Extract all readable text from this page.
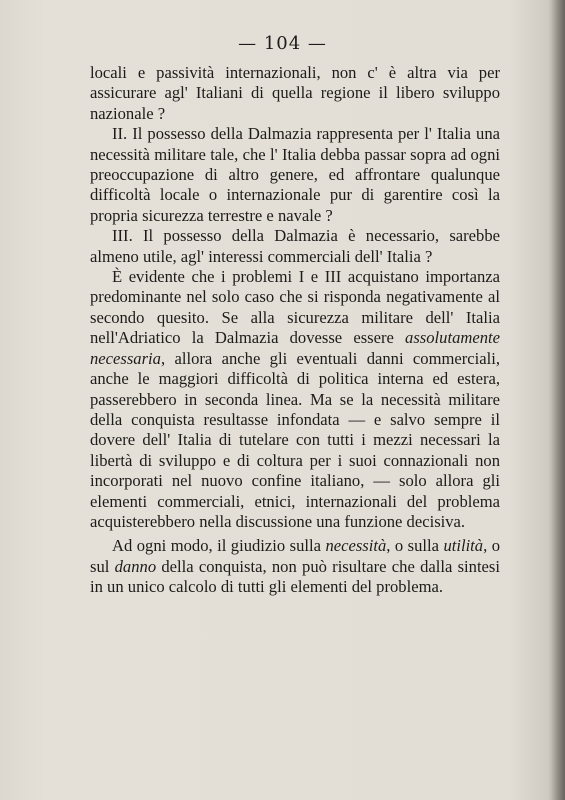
— 104 —

locali e passività internazionali, non c' è altra via per assicurare agl' Italiani di quella regione il libero sviluppo nazionale ?

II. Il possesso della Dalmazia rappresenta per l' Italia una necessità militare tale, che l' Italia debba passar sopra ad ogni preoccupazione di altro genere, ed affrontare qualunque difficoltà locale o internazionale pur di garentire così la propria sicurezza terrestre e navale ?

III. Il possesso della Dalmazia è necessario, sarebbe almeno utile, agl' interessi commerciali dell' Italia ?

È evidente che i problemi I e III acquistano importanza predominante nel solo caso che si risponda negativamente al secondo quesito. Se alla sicurezza militare dell' Italia nell'Adriatico la Dalmazia dovesse essere assolutamente necessaria, allora anche gli eventuali danni commerciali, anche le maggiori difficoltà di politica interna ed estera, passerebbero in seconda linea. Ma se la necessità militare della conquista resultasse infondata — e salvo sempre il dovere dell' Italia di tutelare con tutti i mezzi necessari la libertà di sviluppo e di coltura per i suoi connazionali non incorporati nel nuovo confine italiano, — solo allora gli elementi commerciali, etnici, internazionali del problema acquisterebbero nella discussione una funzione decisiva.

Ad ogni modo, il giudizio sulla necessità, o sulla utilità, o sul danno della conquista, non può risultare che dalla sintesi in un unico calcolo di tutti gli elementi del problema.
